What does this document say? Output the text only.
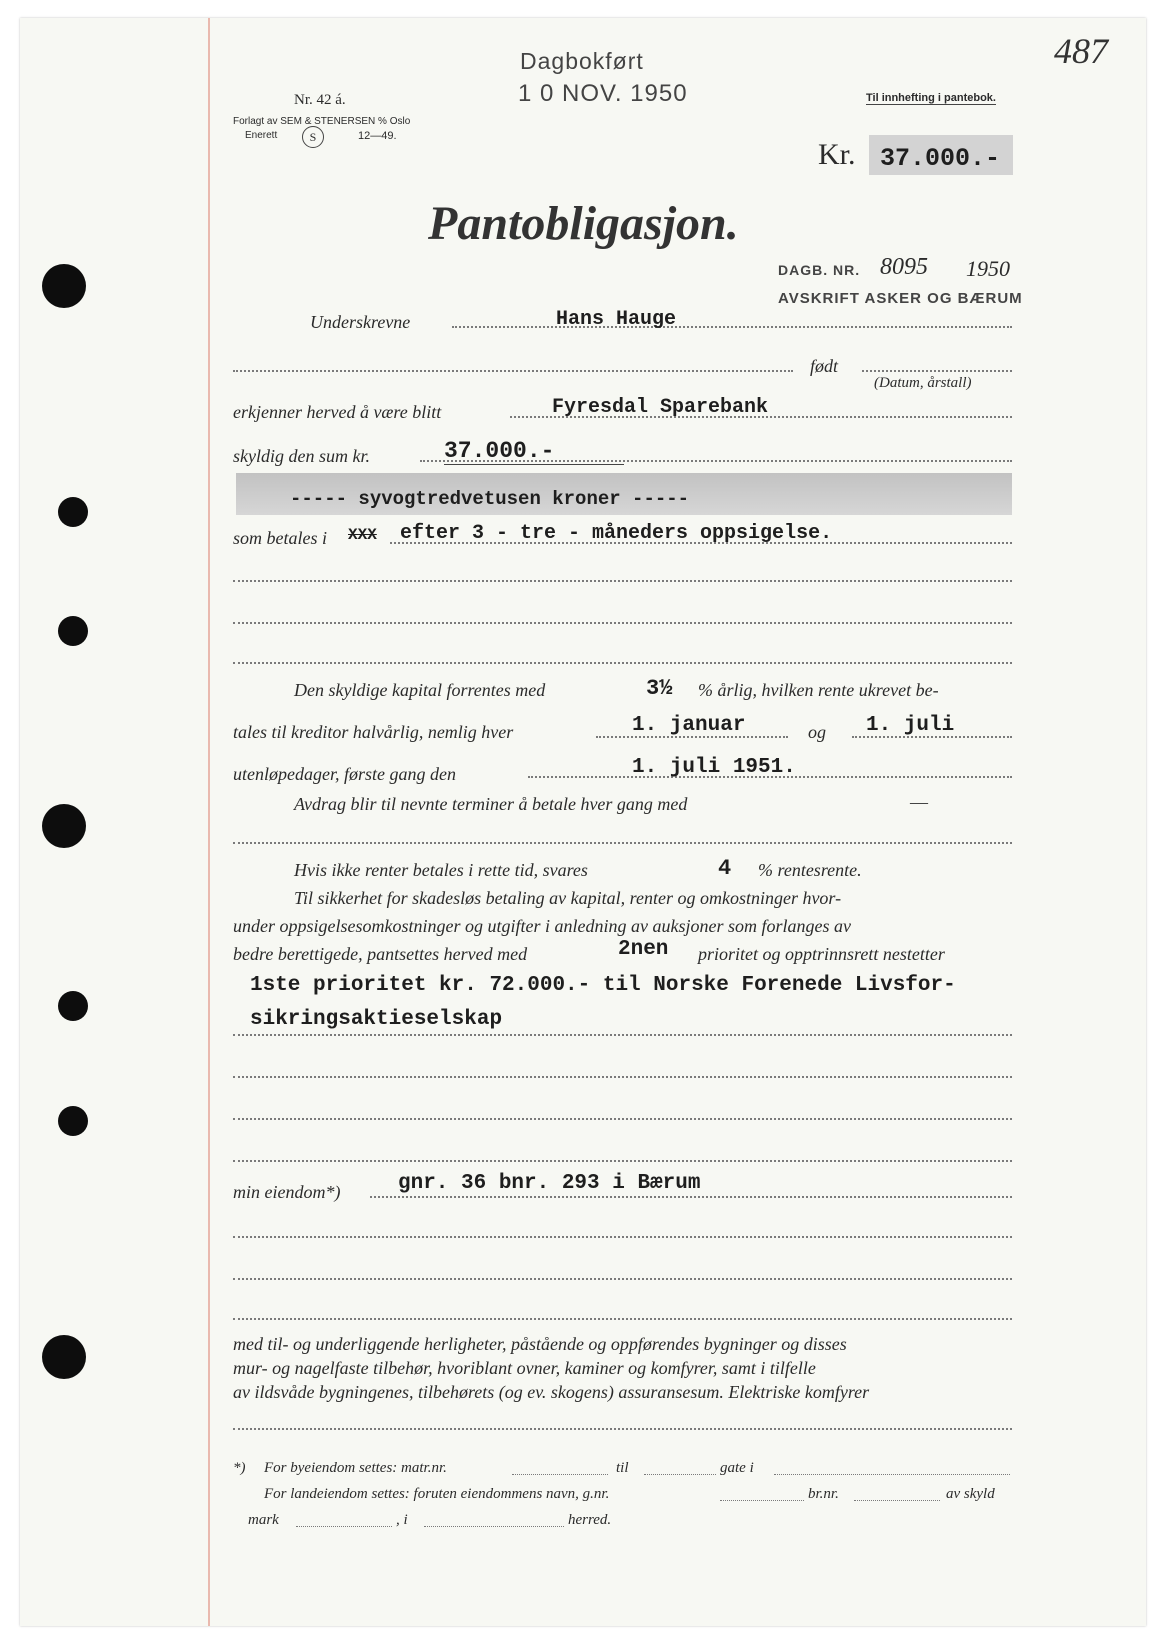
487
Dagbokført
1 0 NOV. 1950
Nr. 42 á.
Forlagt av SEM & STENERSEN % Oslo
Enerett	S	12—49.
Til innhefting i pantebok.
Kr. 37.000.-
Pantobligasjon.
DAGB. NR. 8095 1950
AVSKRIFT ASKER OG BÆRUM
Underskrevne	Hans Hauge
født
(Datum, årstall)
erkjenner herved å være blitt	Fyresdal Sparebank
skyldig den sum kr.	37.000.-
----- syvogtredvetusen kroner -----
som betales i XXX efter 3 - tre - måneders oppsigelse.
Den skyldige kapital forrentes med	3½ % årlig, hvilken rente ukrevet be-
tales til kreditor halvårlig, nemlig hver	1. januar	og 1. juli
utenløpedager, første gang den	1. juli 1951.
Avdrag blir til nevnte terminer å betale hver gang med	—
Hvis ikke renter betales i rette tid, svares	4 % rentesrente.
Til sikkerhet for skadesløs betaling av kapital, renter og omkostninger hvor-
under oppsigelsesomkostninger og utgifter i anledning av auksjoner som forlanges av
bedre berettigede, pantsettes herved med	2nen prioritet og opptrinnsrett nestetter
1ste prioritet kr. 72.000.- til Norske Forenede Livsfor-
sikringsaktieselskap
min eiendom*)	gnr. 36 bnr. 293 i Bærum
med til- og underliggende herligheter, påstående og oppførendes bygninger og disses
mur- og nagelfaste tilbehør, hvoriblant ovner, kaminer og komfyrer, samt i tilfelle
av ildsvåde bygningenes, tilbehørets (og ev. skogens) assuransesum. Elektriske komfyrer
*) For byeiendom settes: matr.nr.	til	gate i
For landeiendom settes: foruten eiendommens navn, g.nr.	br.nr.	av skyld
mark	, i	herred.
